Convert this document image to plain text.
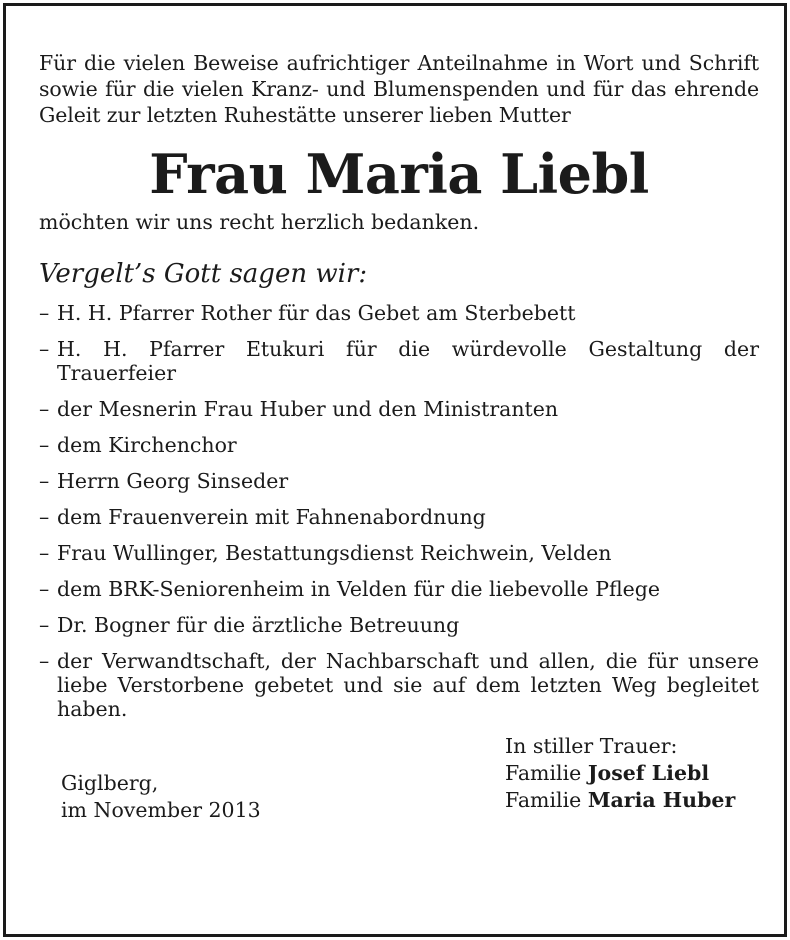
Für die vielen Beweise aufrichtiger Anteilnahme in Wort und Schrift sowie für die vielen Kranz- und Blumenspenden und für das ehrende Geleit zur letzten Ruhestätte unserer lieben Mutter
Frau Maria Liebl
möchten wir uns recht herzlich bedanken.
Vergelt’s Gott sagen wir:
– H. H. Pfarrer Rother für das Gebet am Sterbebett
– H. H. Pfarrer Etukuri für die würdevolle Gestaltung der Trauerfeier
– der Mesnerin Frau Huber und den Ministranten
– dem Kirchenchor
– Herrn Georg Sinseder
– dem Frauenverein mit Fahnenabordnung
– Frau Wullinger, Bestattungsdienst Reichwein, Velden
– dem BRK-Seniorenheim in Velden für die liebevolle Pflege
– Dr. Bogner für die ärztliche Betreuung
– der Verwandtschaft, der Nachbarschaft und allen, die für unsere liebe Verstorbene gebetet und sie auf dem letzten Weg begleitet haben.
Giglberg,
im November 2013
In stiller Trauer:
Familie Josef Liebl
Familie Maria Huber
